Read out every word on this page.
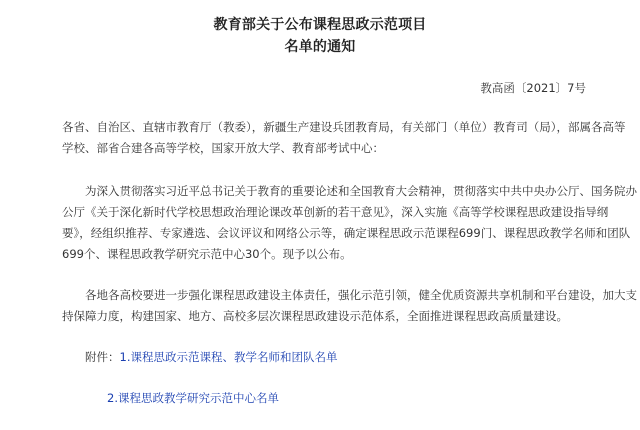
教育部关于公布课程思政示范项目
名单的通知
教高函〔2021〕7号
各省、自治区、直辖市教育厅（教委），新疆生产建设兵团教育局，有关部门（单位）教育司（局），部属各高等
学校、部省合建各高等学校，国家开放大学、教育部考试中心：
为深入贯彻落实习近平总书记关于教育的重要论述和全国教育大会精神，贯彻落实中共中央办公厅、国务院办
公厅《关于深化新时代学校思想政治理论课改革创新的若干意见》，深入实施《高等学校课程思政建设指导纲
要》，经组织推荐、专家遴选、会议评议和网络公示等，确定课程思政示范课程699门、课程思政教学名师和团队
699个、课程思政教学研究示范中心30个。现予以公布。
各地各高校要进一步强化课程思政建设主体责任，强化示范引领，健全优质资源共享机制和平台建设，加大支
持保障力度，构建国家、地方、高校多层次课程思政建设示范体系，全面推进课程思政高质量建设。
附件：1.课程思政示范课程、教学名师和团队名单
2.课程思政教学研究示范中心名单
